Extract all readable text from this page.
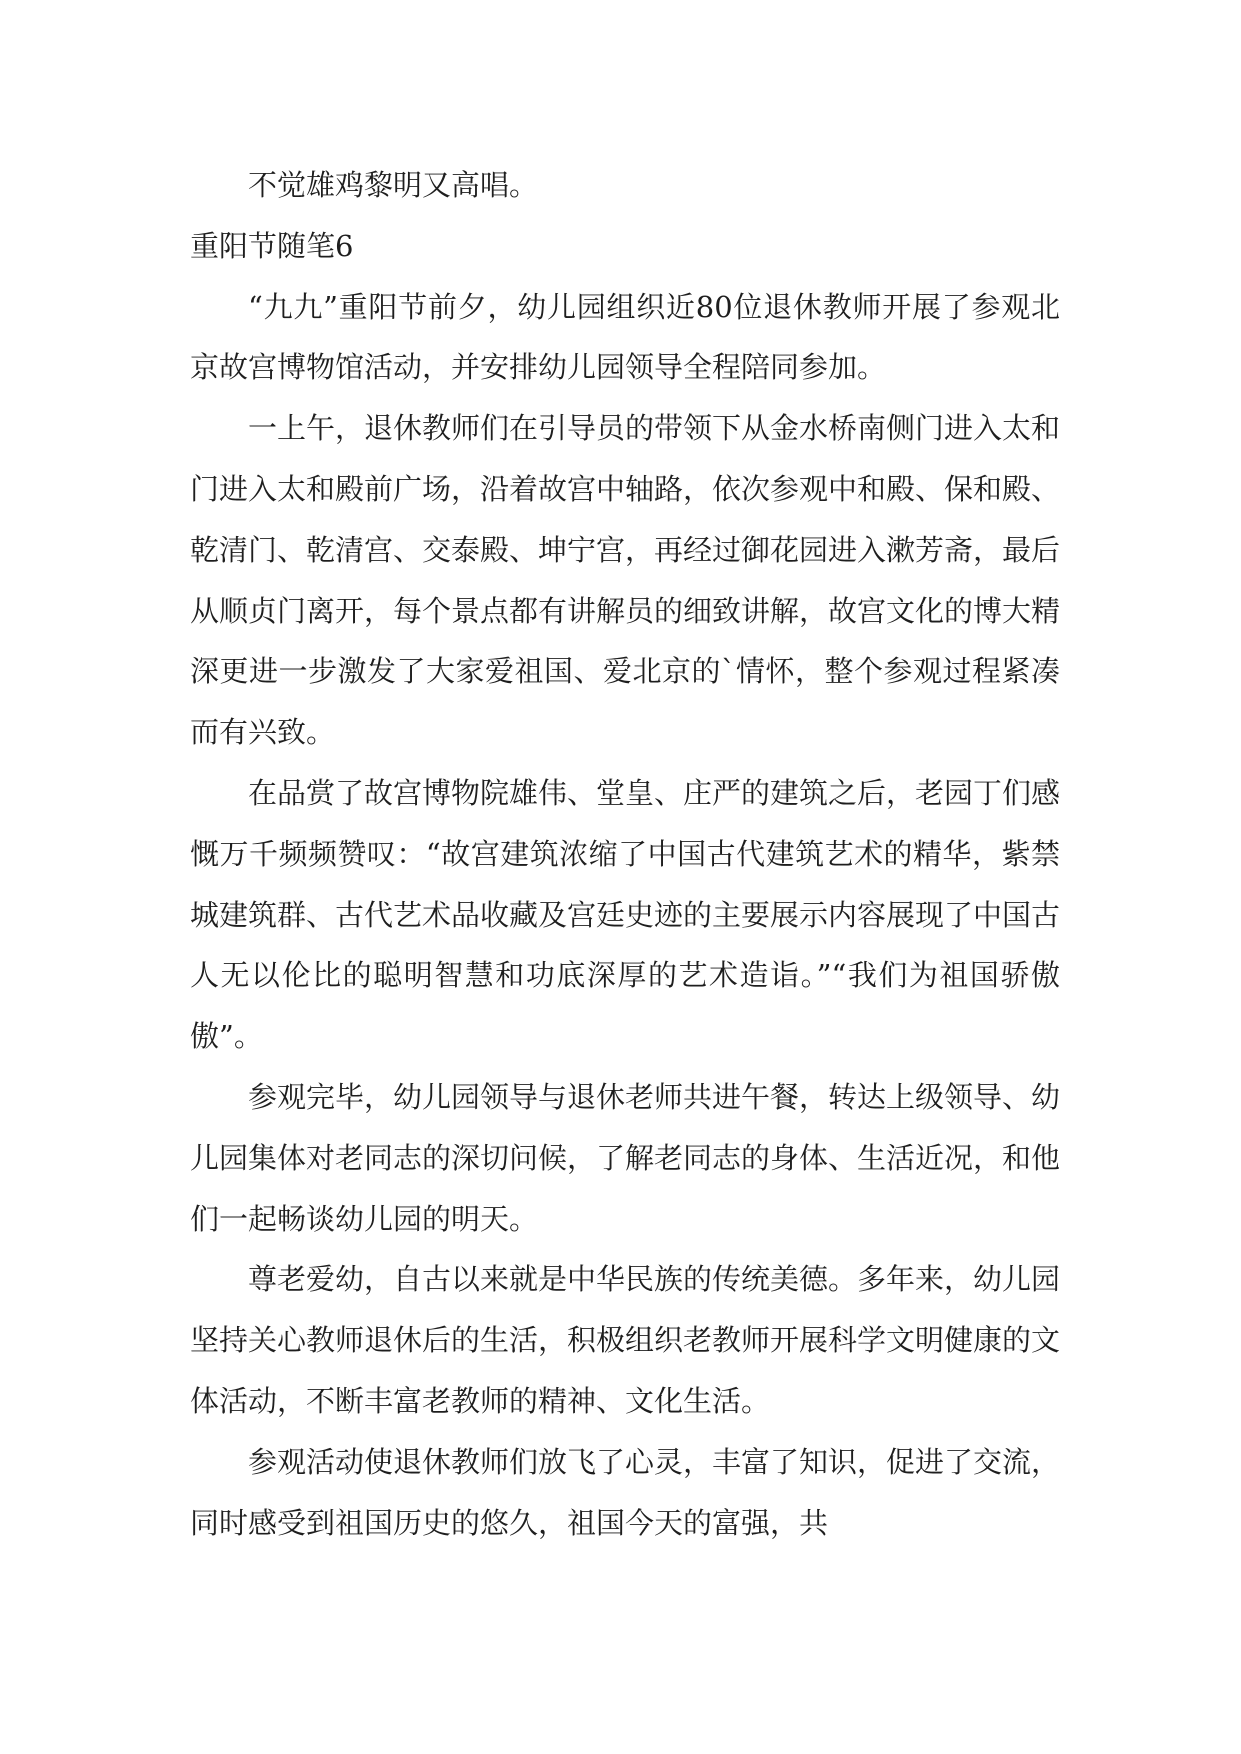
不觉雄鸡黎明又高唱。

重阳节随笔6

“九九”重阳节前夕，幼儿园组织近80位退休教师开展了参观北京故宫博物馆活动，并安排幼儿园领导全程陪同参加。

一上午，退休教师们在引导员的带领下从金水桥南侧门进入太和门进入太和殿前广场，沿着故宫中轴路，依次参观中和殿、保和殿、乾清门、乾清宫、交泰殿、坤宁宫，再经过御花园进入漱芳斋，最后从顺贞门离开，每个景点都有讲解员的细致讲解，故宫文化的博大精深更进一步激发了大家爱祖国、爱北京的`情怀，整个参观过程紧凑而有兴致。

在品赏了故宫博物院雄伟、堂皇、庄严的建筑之后，老园丁们感慨万千频频赞叹：“故宫建筑浓缩了中国古代建筑艺术的精华，紫禁城建筑群、古代艺术品收藏及宫廷史迹的主要展示内容展现了中国古人无以伦比的聪明智慧和功底深厚的艺术造诣。”“我们为祖国骄傲傲”。

参观完毕，幼儿园领导与退休老师共进午餐，转达上级领导、幼儿园集体对老同志的深切问候，了解老同志的身体、生活近况，和他们一起畅谈幼儿园的明天。

尊老爱幼，自古以来就是中华民族的传统美德。多年来，幼儿园坚持关心教师退休后的生活，积极组织老教师开展科学文明健康的文体活动，不断丰富老教师的精神、文化生活。

参观活动使退休教师们放飞了心灵，丰富了知识，促进了交流，同时感受到祖国历史的悠久，祖国今天的富强，共
